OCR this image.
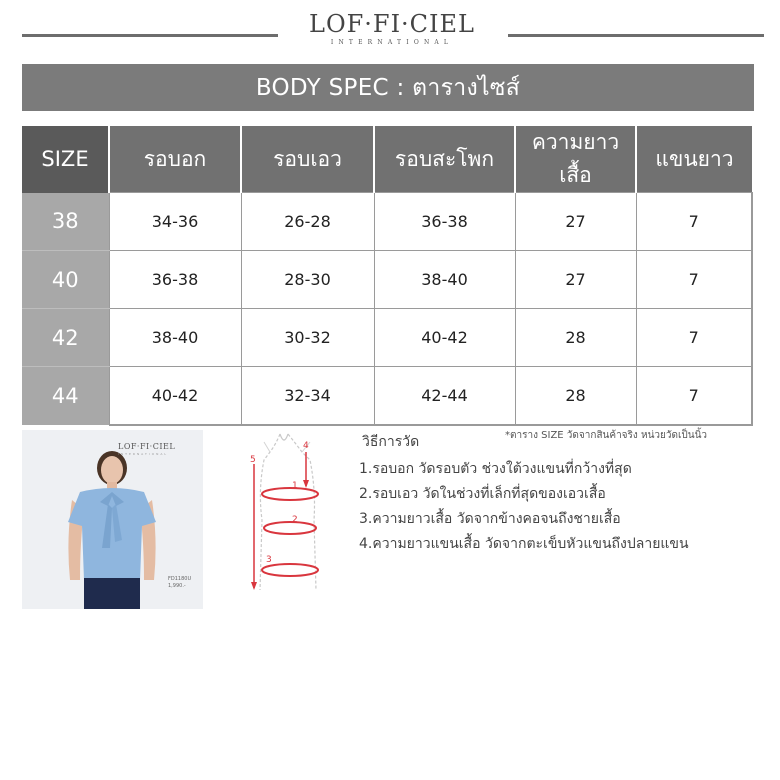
LOF·FI·CIEL
INTERNATIONAL
BODY SPEC : ตารางไซส์
SIZE	รอบอก	รอบเอว	รอบสะโพก	ความยาวเสื้อ	แขนยาว
38	34-36	26-28	36-38	27	7
40	36-38	28-30	38-40	27	7
42	38-40	30-32	40-42	28	7
44	40-42	32-34	42-44	28	7
LOF·FI·CIEL
INTERNATIONAL
FD1180U
1,990.-
5
4
1
2
3
วิธีการวัด	*ตาราง SIZE วัดจากสินค้าจริง หน่วยวัดเป็นนิ้ว
1.รอบอก วัดรอบตัว ช่วงใต้วงแขนที่กว้างที่สุด
2.รอบเอว วัดในช่วงที่เล็กที่สุดของเอวเสื้อ
3.ความยาวเสื้อ วัดจากข้างคอจนถึงชายเสื้อ
4.ความยาวแขนเสื้อ วัดจากตะเข็บหัวแขนถึงปลายแขน
